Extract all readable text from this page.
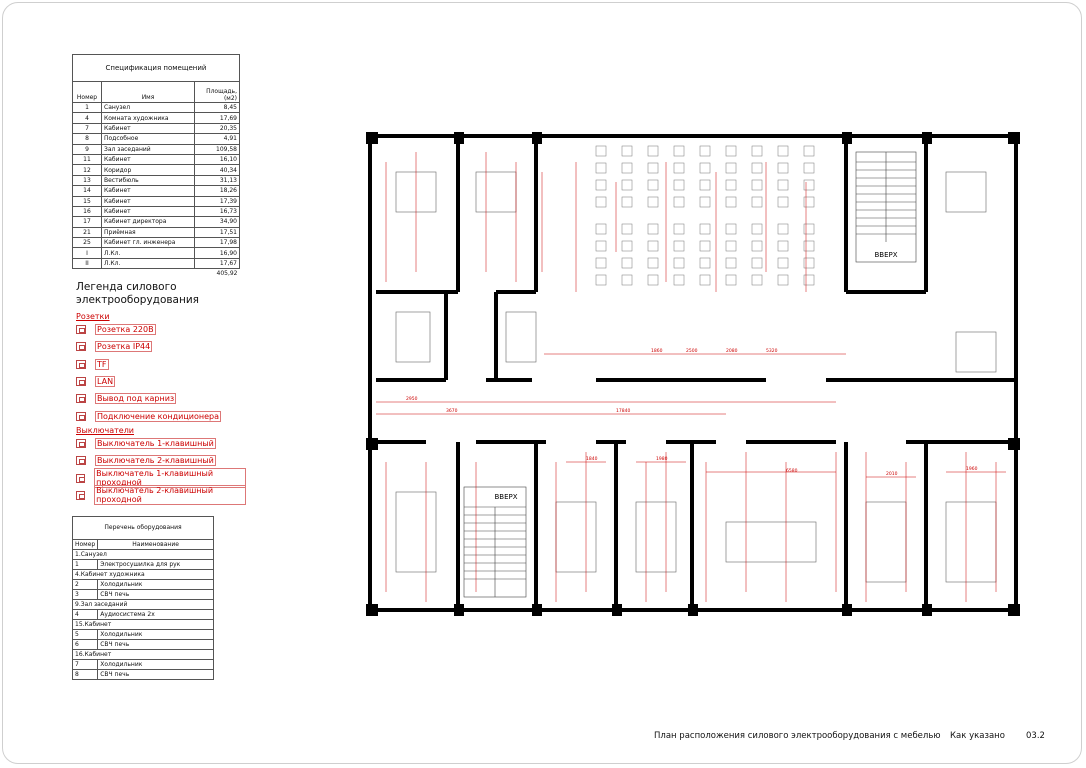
Спецификация помещений		
Номер	Имя	Площадь, (м2)
1	Санузел	8,45
4	Комната художника	17,69
7	Кабинет	20,35
8	Подсобное	4,91
9	Зал заседаний	109,58
11	Кабинет	16,10
12	Коридор	40,34
13	Вестибюль	31,13
14	Кабинет	18,26
15	Кабинет	17,39
16	Кабинет	16,73
17	Кабинет директора	34,90
21	Приёмная	17,51
25	Кабинет гл. инженера	17,98
I	Л.Кл.	16,90
II	Л.Кл.	17,67
		405,92
Легенда силового
электрооборудования
Розетки
Розетка 220В
Розетка IP44
TF
LAN
Вывод под карниз
Подключение кондиционера
Выключатели
Выключатель 1-клавишный
Выключатель 2-клавишный
Выключатель 1-клавишный проходной
Выключатель 2-клавишный проходной
Перечень оборудования	
Номер	Наименование
1.Санузел	
1	Электросушилка для рук
4.Кабинет художника	
2	Холодильник
3	СВЧ печь
9.Зал заседаний	
4	Аудиосистема 2х
15.Кабинет	
5	Холодильник
6	СВЧ печь
16.Кабинет	
7	Холодильник
8	СВЧ печь
ВВЕРХ
ВВЕРХ
1860	2500	2080	5320
17840
3670
2950
6580
2010
1960
1840	1980
План расположения силового электрооборудования с мебелью Как указано 03.2
